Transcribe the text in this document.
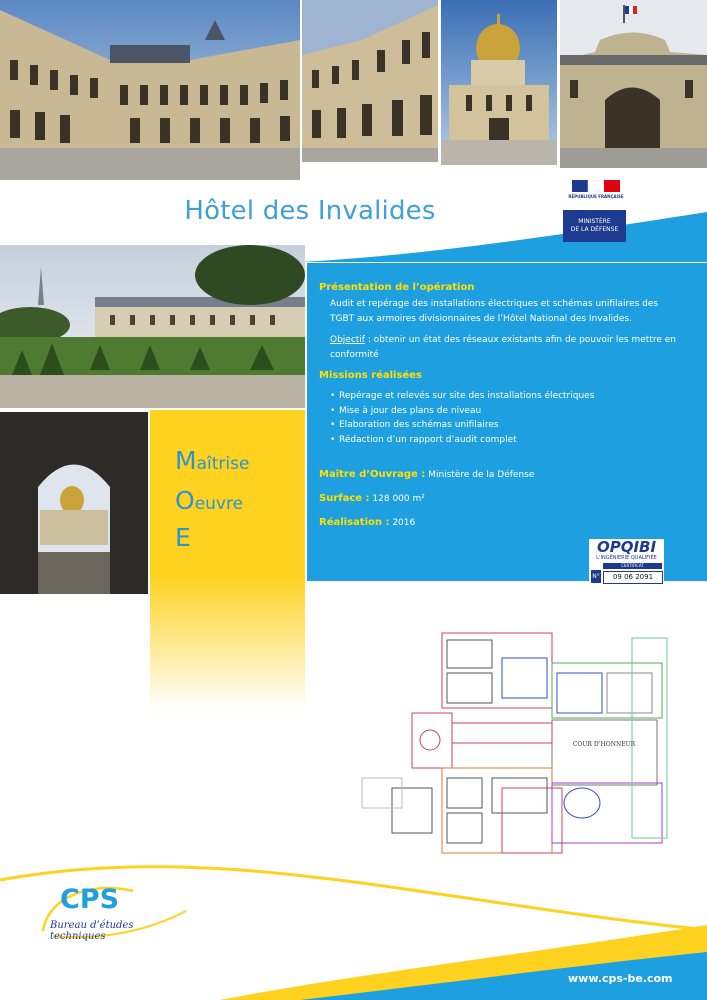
Hôtel des Invalides	RÉPUBLIQUE FRANÇAISE
MINISTÈRE
DE LA DÉFENSE
Maîtrise
Oeuvre
E
Présentation de l’opération
Audit et repérage des installations électriques et schémas unifilaires des TGBT aux armoires divisionnaires de l’Hôtel National des Invalides.
Objectif : obtenir un état des réseaux existants afin de pouvoir les mettre en conformité
Missions réalisées
• Repérage et relevés sur site des installations électriques
• Mise à jour des plans de niveau
• Elaboration des schémas unifilaires
• Rédaction d’un rapport d’audit complet
Maître d’Ouvrage : Ministère de la Défense
Surface : 128 000 m²
Réalisation : 2016
OPQIBI
L’INGÉNIERIE QUALIFIÉE
CERTIFICAT
N°	09 06 2091
COUR D’HONNEUR
CPS
Bureau d’études techniques
www.cps-be.com
